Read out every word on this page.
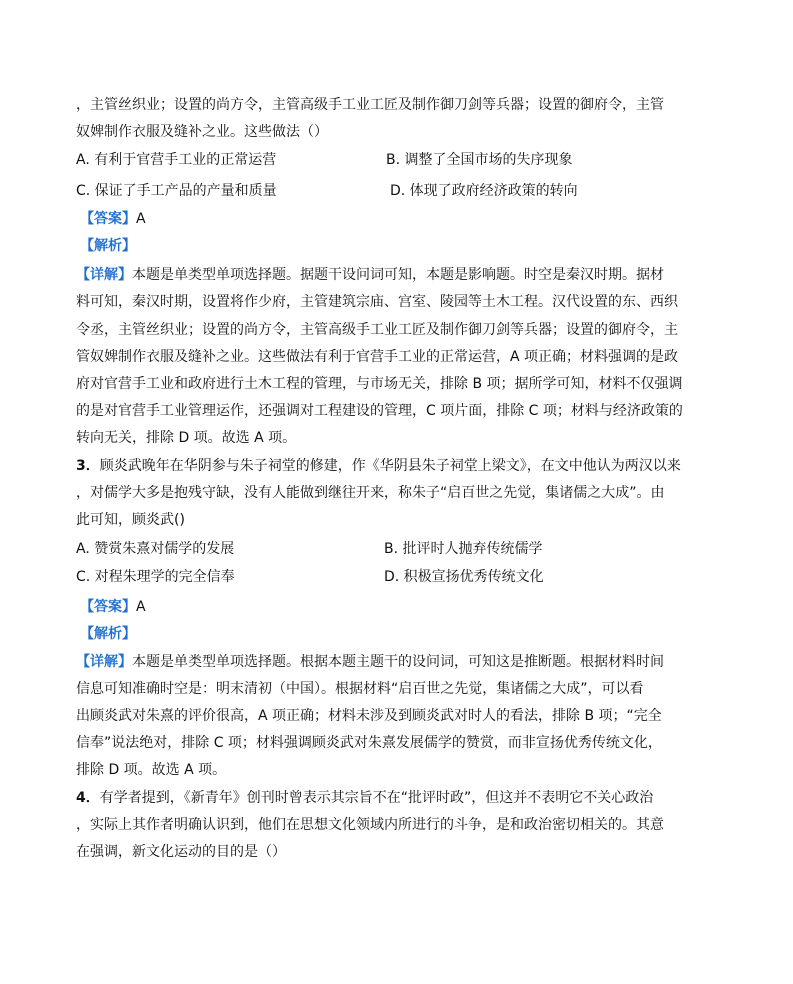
，主管丝织业；设置的尚方令，主管高级手工业工匠及制作御刀剑等兵器；设置的御府令，主管
奴婢制作衣服及缝补之业。这些做法（）
A. 有利于官营手工业的正常运营	B. 调整了全国市场的失序现象
C. 保证了手工产品的产量和质量	D. 体现了政府经济政策的转向
【答案】A
【解析】
【详解】本题是单类型单项选择题。据题干设问词可知，本题是影响题。时空是秦汉时期。据材
料可知，秦汉时期，设置将作少府，主管建筑宗庙、宫室、陵园等土木工程。汉代设置的东、西织
令丞，主管丝织业；设置的尚方令，主管高级手工业工匠及制作御刀剑等兵器；设置的御府令，主
管奴婢制作衣服及缝补之业。这些做法有利于官营手工业的正常运营，A 项正确；材料强调的是政
府对官营手工业和政府进行土木工程的管理，与市场无关，排除 B 项；据所学可知，材料不仅强调
的是对官营手工业管理运作，还强调对工程建设的管理，C 项片面，排除 C 项；材料与经济政策的
转向无关，排除 D 项。故选 A 项。
3．顾炎武晚年在华阴参与朱子祠堂的修建，作《华阴县朱子祠堂上梁文》，在文中他认为两汉以来
，对儒学大多是抱残守缺，没有人能做到继往开来，称朱子“启百世之先觉，集诸儒之大成”。由
此可知，顾炎武()
A. 赞赏朱熹对儒学的发展	B. 批评时人抛弃传统儒学
C. 对程朱理学的完全信奉	D. 积极宣扬优秀传统文化
【答案】A
【解析】
【详解】本题是单类型单项选择题。根据本题主题干的设问词，可知这是推断题。根据材料时间
信息可知准确时空是：明末清初（中国）。根据材料“启百世之先觉，集诸儒之大成”，可以看
出顾炎武对朱熹的评价很高，A 项正确；材料未涉及到顾炎武对时人的看法，排除 B 项；“完全
信奉”说法绝对，排除 C 项；材料强调顾炎武对朱熹发展儒学的赞赏，而非宣扬优秀传统文化，
排除 D 项。故选 A 项。
4．有学者提到，《新青年》创刊时曾表示其宗旨不在“批评时政”，但这并不表明它不关心政治
，实际上其作者明确认识到，他们在思想文化领域内所进行的斗争，是和政治密切相关的。其意
在强调，新文化运动的目的是（）
